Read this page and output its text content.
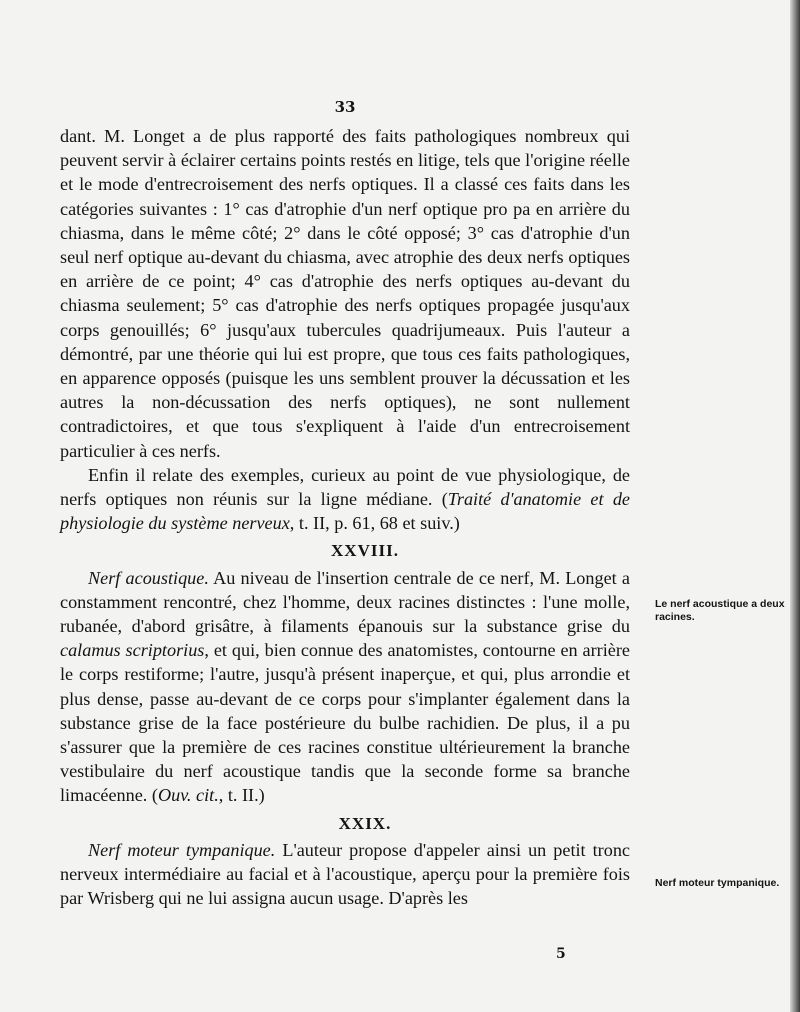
33

dant. M. Longet a de plus rapporté des faits pathologiques nombreux qui peuvent servir à éclairer certains points restés en litige, tels que l'origine réelle et le mode d'entrecroisement des nerfs optiques. Il a classé ces faits dans les catégories suivantes : 1° cas d'atrophie d'un nerf optique pro pa en arrière du chiasma, dans le même côté; 2° dans le côté opposé; 3° cas d'atrophie d'un seul nerf optique au-devant du chiasma, avec atrophie des deux nerfs optiques en arrière de ce point; 4° cas d'atrophie des nerfs optiques au-devant du chiasma seulement; 5° cas d'atrophie des nerfs optiques propagée jusqu'aux corps genouillés; 6° jusqu'aux tubercules quadrijumeaux. Puis l'auteur a démontré, par une théorie qui lui est propre, que tous ces faits pathologiques, en apparence opposés (puisque les uns semblent prouver la décussation et les autres la non-décussation des nerfs optiques), ne sont nullement contradictoires, et que tous s'expliquent à l'aide d'un entrecroisement particulier à ces nerfs.

Enfin il relate des exemples, curieux au point de vue physiologique, de nerfs optiques non réunis sur la ligne médiane. (Traité d'anatomie et de physiologie du système nerveux, t. II, p. 61, 68 et suiv.)

XXVIII.

Nerf acoustique. Au niveau de l'insertion centrale de ce nerf, M. Longet a constamment rencontré, chez l'homme, deux racines distinctes : l'une molle, rubanée, d'abord grisâtre, à filaments épanouis sur la substance grise du calamus scriptorius, et qui, bien connue des anatomistes, contourne en arrière le corps restiforme; l'autre, jusqu'à présent inaperçue, et qui, plus arrondie et plus dense, passe au-devant de ce corps pour s'implanter également dans la substance grise de la face postérieure du bulbe rachidien. De plus, il a pu s'assurer que la première de ces racines constitue ultérieurement la branche vestibulaire du nerf acoustique tandis que la seconde forme sa branche limacéenne. (Ouv. cit., t. II.)

XXIX.

Nerf moteur tympanique. L'auteur propose d'appeler ainsi un petit tronc nerveux intermédiaire au facial et à l'acoustique, aperçu pour la première fois par Wrisberg qui ne lui assigna aucun usage. D'après les

Le nerf acoustique a deux racines.
Nerf moteur tympanique.
5
